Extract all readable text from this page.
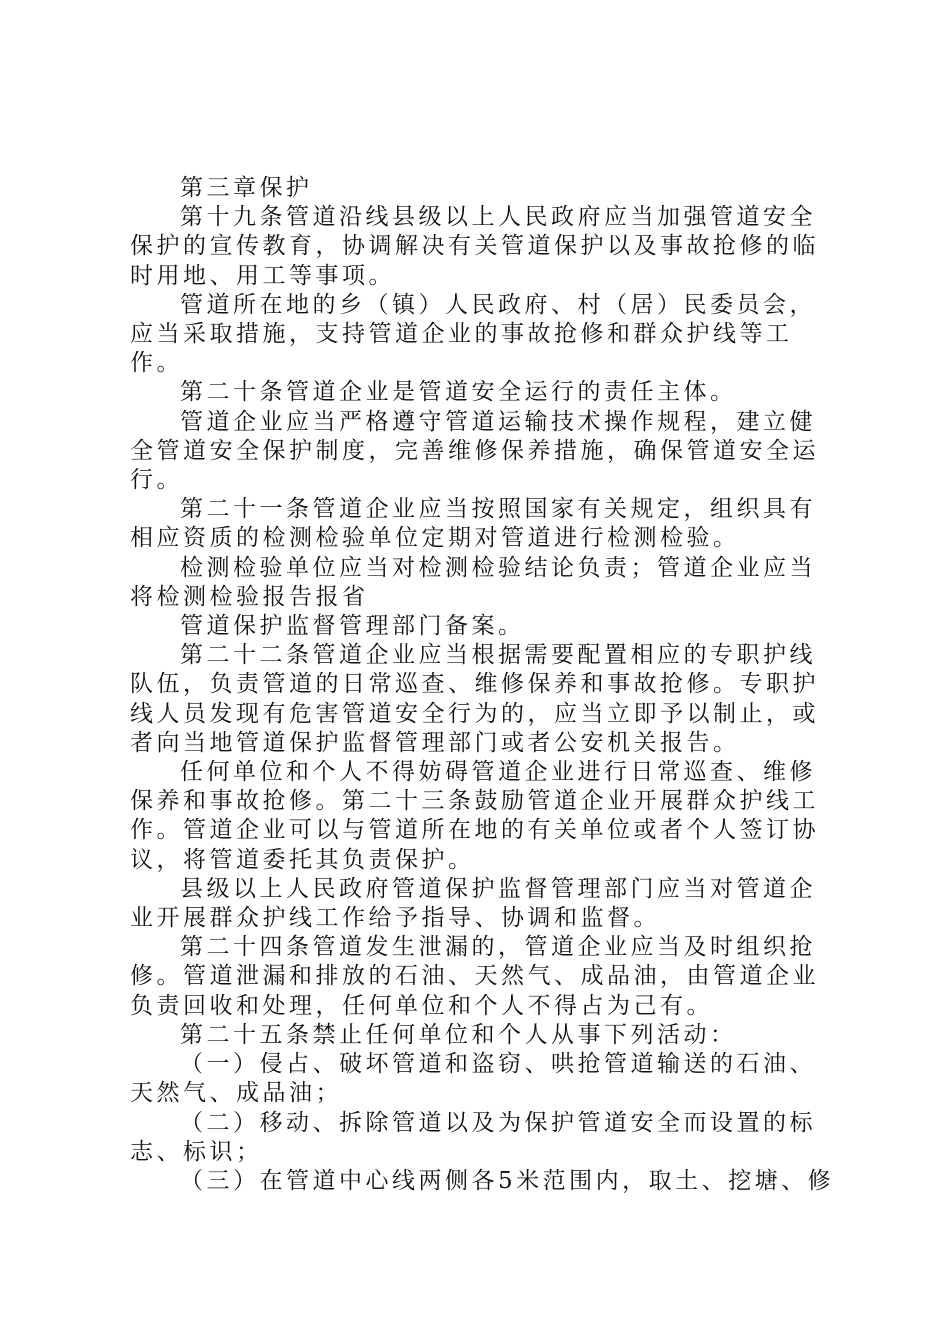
第三章保护

第十九条管道沿线县级以上人民政府应当加强管道安全保护的宣传教育，协调解决有关管道保护以及事故抢修的临时用地、用工等事项。

管道所在地的乡（镇）人民政府、村（居）民委员会，应当采取措施，支持管道企业的事故抢修和群众护线等工作。

第二十条管道企业是管道安全运行的责任主体。

管道企业应当严格遵守管道运输技术操作规程，建立健全管道安全保护制度，完善维修保养措施，确保管道安全运行。

第二十一条管道企业应当按照国家有关规定，组织具有相应资质的检测检验单位定期对管道进行检测检验。

检测检验单位应当对检测检验结论负责；管道企业应当将检测检验报告报省

管道保护监督管理部门备案。

第二十二条管道企业应当根据需要配置相应的专职护线队伍，负责管道的日常巡查、维修保养和事故抢修。专职护线人员发现有危害管道安全行为的，应当立即予以制止，或者向当地管道保护监督管理部门或者公安机关报告。

任何单位和个人不得妨碍管道企业进行日常巡查、维修保养和事故抢修。第二十三条鼓励管道企业开展群众护线工作。管道企业可以与管道所在地的有关单位或者个人签订协议，将管道委托其负责保护。

县级以上人民政府管道保护监督管理部门应当对管道企业开展群众护线工作给予指导、协调和监督。

第二十四条管道发生泄漏的，管道企业应当及时组织抢修。管道泄漏和排放的石油、天然气、成品油，由管道企业负责回收和处理，任何单位和个人不得占为己有。

第二十五条禁止任何单位和个人从事下列活动：

（一）侵占、破坏管道和盗窃、哄抢管道输送的石油、天然气、成品油；

（二）移动、拆除管道以及为保护管道安全而设置的标志、标识；

（三）在管道中心线两侧各5米范围内，取土、挖塘、修
